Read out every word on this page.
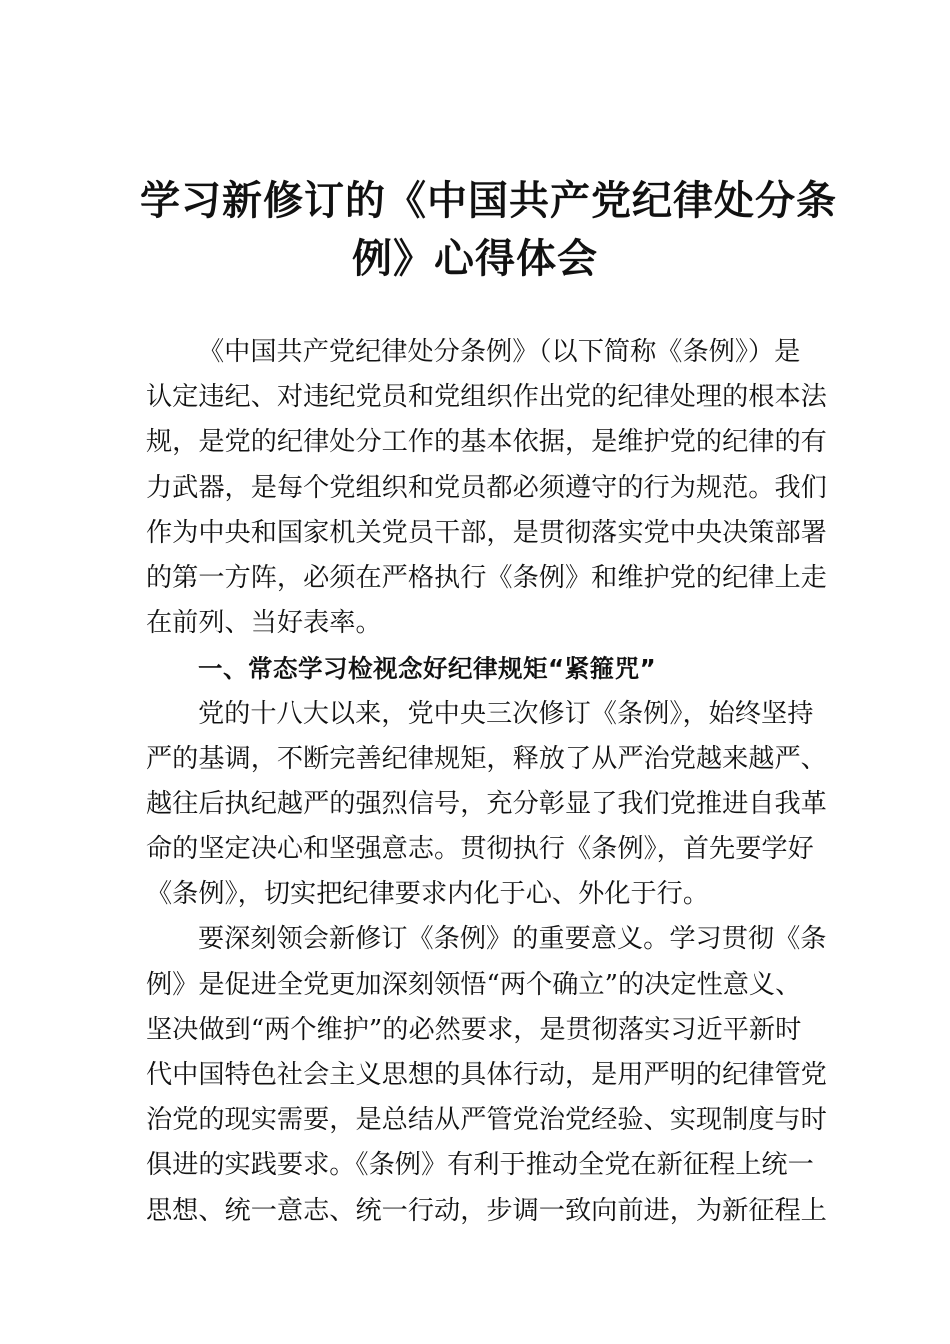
学习新修订的《中国共产党纪律处分条
例》心得体会
《中国共产党纪律处分条例》（以下简称《条例》）是
认定违纪、对违纪党员和党组织作出党的纪律处理的根本法
规，是党的纪律处分工作的基本依据，是维护党的纪律的有
力武器，是每个党组织和党员都必须遵守的行为规范。我们
作为中央和国家机关党员干部，是贯彻落实党中央决策部署
的第一方阵，必须在严格执行《条例》和维护党的纪律上走
在前列、当好表率。
一、常态学习检视念好纪律规矩“紧箍咒”
党的十八大以来，党中央三次修订《条例》，始终坚持
严的基调，不断完善纪律规矩，释放了从严治党越来越严、
越往后执纪越严的强烈信号，充分彰显了我们党推进自我革
命的坚定决心和坚强意志。贯彻执行《条例》，首先要学好
《条例》，切实把纪律要求内化于心、外化于行。
要深刻领会新修订《条例》的重要意义。学习贯彻《条
例》是促进全党更加深刻领悟“两个确立”的决定性意义、
坚决做到“两个维护”的必然要求，是贯彻落实习近平新时
代中国特色社会主义思想的具体行动，是用严明的纪律管党
治党的现实需要，是总结从严管党治党经验、实现制度与时
俱进的实践要求。《条例》有利于推动全党在新征程上统一
思想、统一意志、统一行动，步调一致向前进，为新征程上
